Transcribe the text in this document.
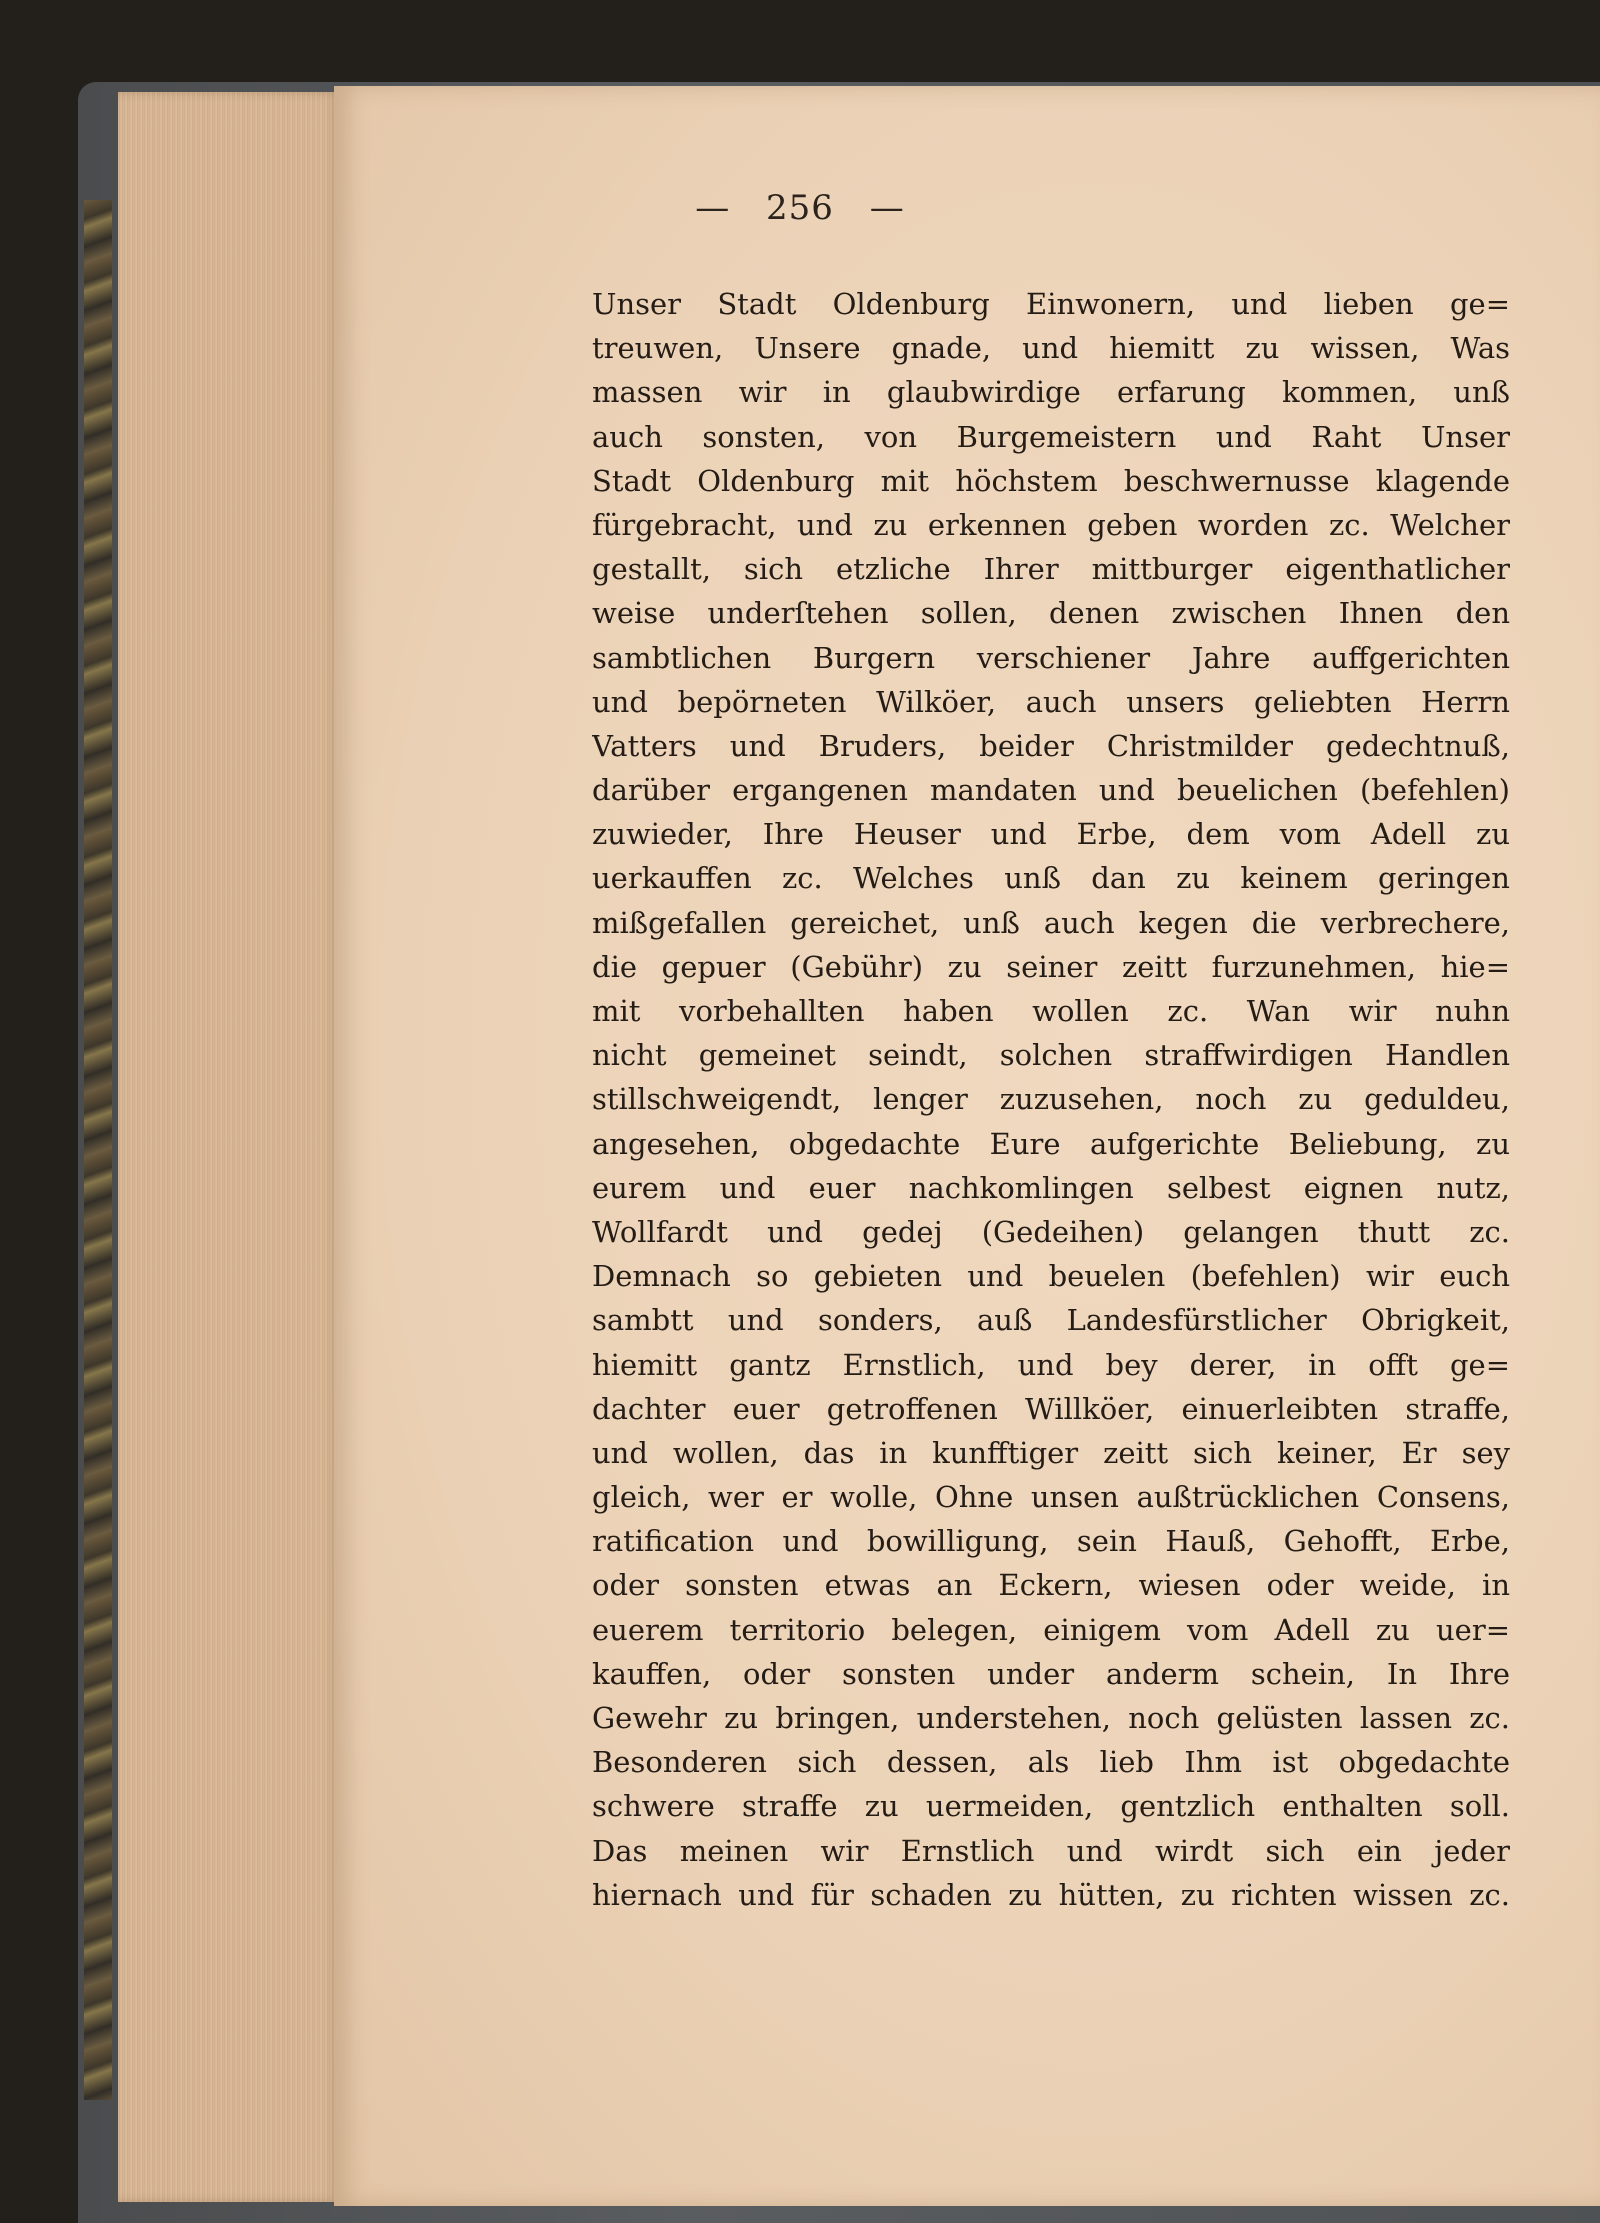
— 256 —
Unser Stadt Oldenburg Einwonern, und lieben ge=
treuwen, Unsere gnade, und hiemitt zu wissen, Was
massen wir in glaubwirdige erfarung kommen, unß
auch sonsten, von Burgemeistern und Raht Unser
Stadt Oldenburg mit höchstem beschwernusse klagende
fürgebracht, und zu erkennen geben worden zc. Welcher
gestallt, sich etzliche Ihrer mittburger eigenthatlicher
weise underſtehen sollen, denen zwischen Ihnen den
sambtlichen Burgern verschiener Jahre auffgerichten
und bepörneten Wilköer, auch unsers geliebten Herrn
Vatters und Bruders, beider Christmilder gedechtnuß,
darüber ergangenen mandaten und beuelichen (befehlen)
zuwieder, Ihre Heuser und Erbe, dem vom Adell zu
uerkauffen zc. Welches unß dan zu keinem geringen
mißgefallen gereichet, unß auch kegen die verbrechere,
die gepuer (Gebühr) zu seiner zeitt furzunehmen, hie=
mit vorbehallten haben wollen zc. Wan wir nuhn
nicht gemeinet seindt, solchen straffwirdigen Handlen
stillschweigendt, lenger zuzusehen, noch zu geduldeu,
angesehen, obgedachte Eure aufgerichte Beliebung, zu
eurem und euer nachkomlingen selbest eignen nutz,
Wollfardt und gedej (Gedeihen) gelangen thutt zc.
Demnach so gebieten und beuelen (befehlen) wir euch
sambtt und sonders, auß Landesfürstlicher Obrigkeit,
hiemitt gantz Ernstlich, und bey derer, in offt ge=
dachter euer getroffenen Willköer, einuerleibten straffe,
und wollen, das in kunfftiger zeitt sich keiner, Er sey
gleich, wer er wolle, Ohne unsen außtrücklichen Consens,
ratification und bowilligung, sein Hauß, Gehofft, Erbe,
oder sonsten etwas an Eckern, wiesen oder weide, in
euerem territorio belegen, einigem vom Adell zu uer=
kauffen, oder sonsten under anderm schein, In Ihre
Gewehr zu bringen, understehen, noch gelüsten lassen zc.
Besonderen sich dessen, als lieb Ihm ist obgedachte
schwere straffe zu uermeiden, gentzlich enthalten soll.
Das meinen wir Ernstlich und wirdt sich ein jeder
hiernach und für schaden zu hütten, zu richten wissen zc.
